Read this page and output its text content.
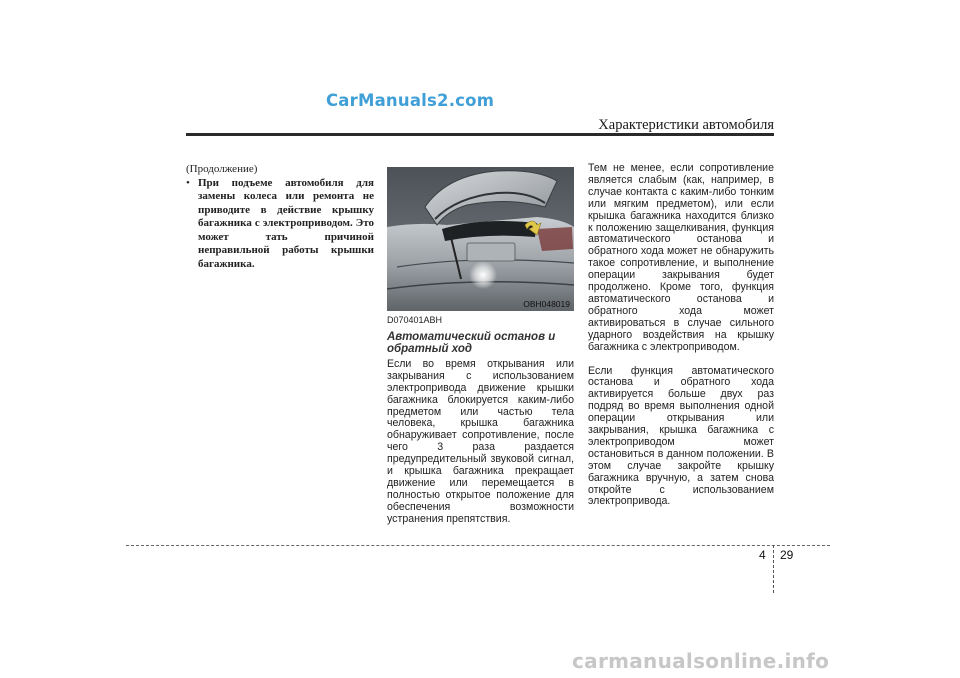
CarManuals2.com
Характеристики автомобиля

(Продолжение)

• При подъеме автомобиля для замены колеса или ремонта не приводите в действие крышку багажника с электроприводом. Это может тать причиной неправильной работы крышки багажника.
OBH048019
D070401ABH

Автоматический останов и обратный ход

Если во время открывания или закрывания с использованием электропривода движение крышки багажника блокируется каким-либо предметом или частью тела человека, крышка багажника обнаруживает сопротивление, после чего 3 раза раздается предупредительный звуковой сигнал, и крышка багажника прекращает движение или перемещается в полностью открытое положение для обеспечения возможности устранения препятствия.

Тем не менее, если сопротивление является слабым (как, например, в случае контакта с каким-либо тонким или мягким предметом), или если крышка багажника находится близко к положению защелкивания, функция автоматического останова и обратного хода может не обнаружить такое сопротивление, и выполнение операции закрывания будет продолжено. Кроме того, функция автоматического останова и обратного хода может активироваться в случае сильного ударного воздействия на крышку багажника с электроприводом.

Если функция автоматического останова и обратного хода активируется больше двух раз подряд во время выполнения одной операции открывания или закрывания, крышка багажника с электроприводом может остановиться в данном положении. В этом случае закройте крышку багажника вручную, а затем снова откройте с использованием электропривода.

4 29
carmanualsonline.info
